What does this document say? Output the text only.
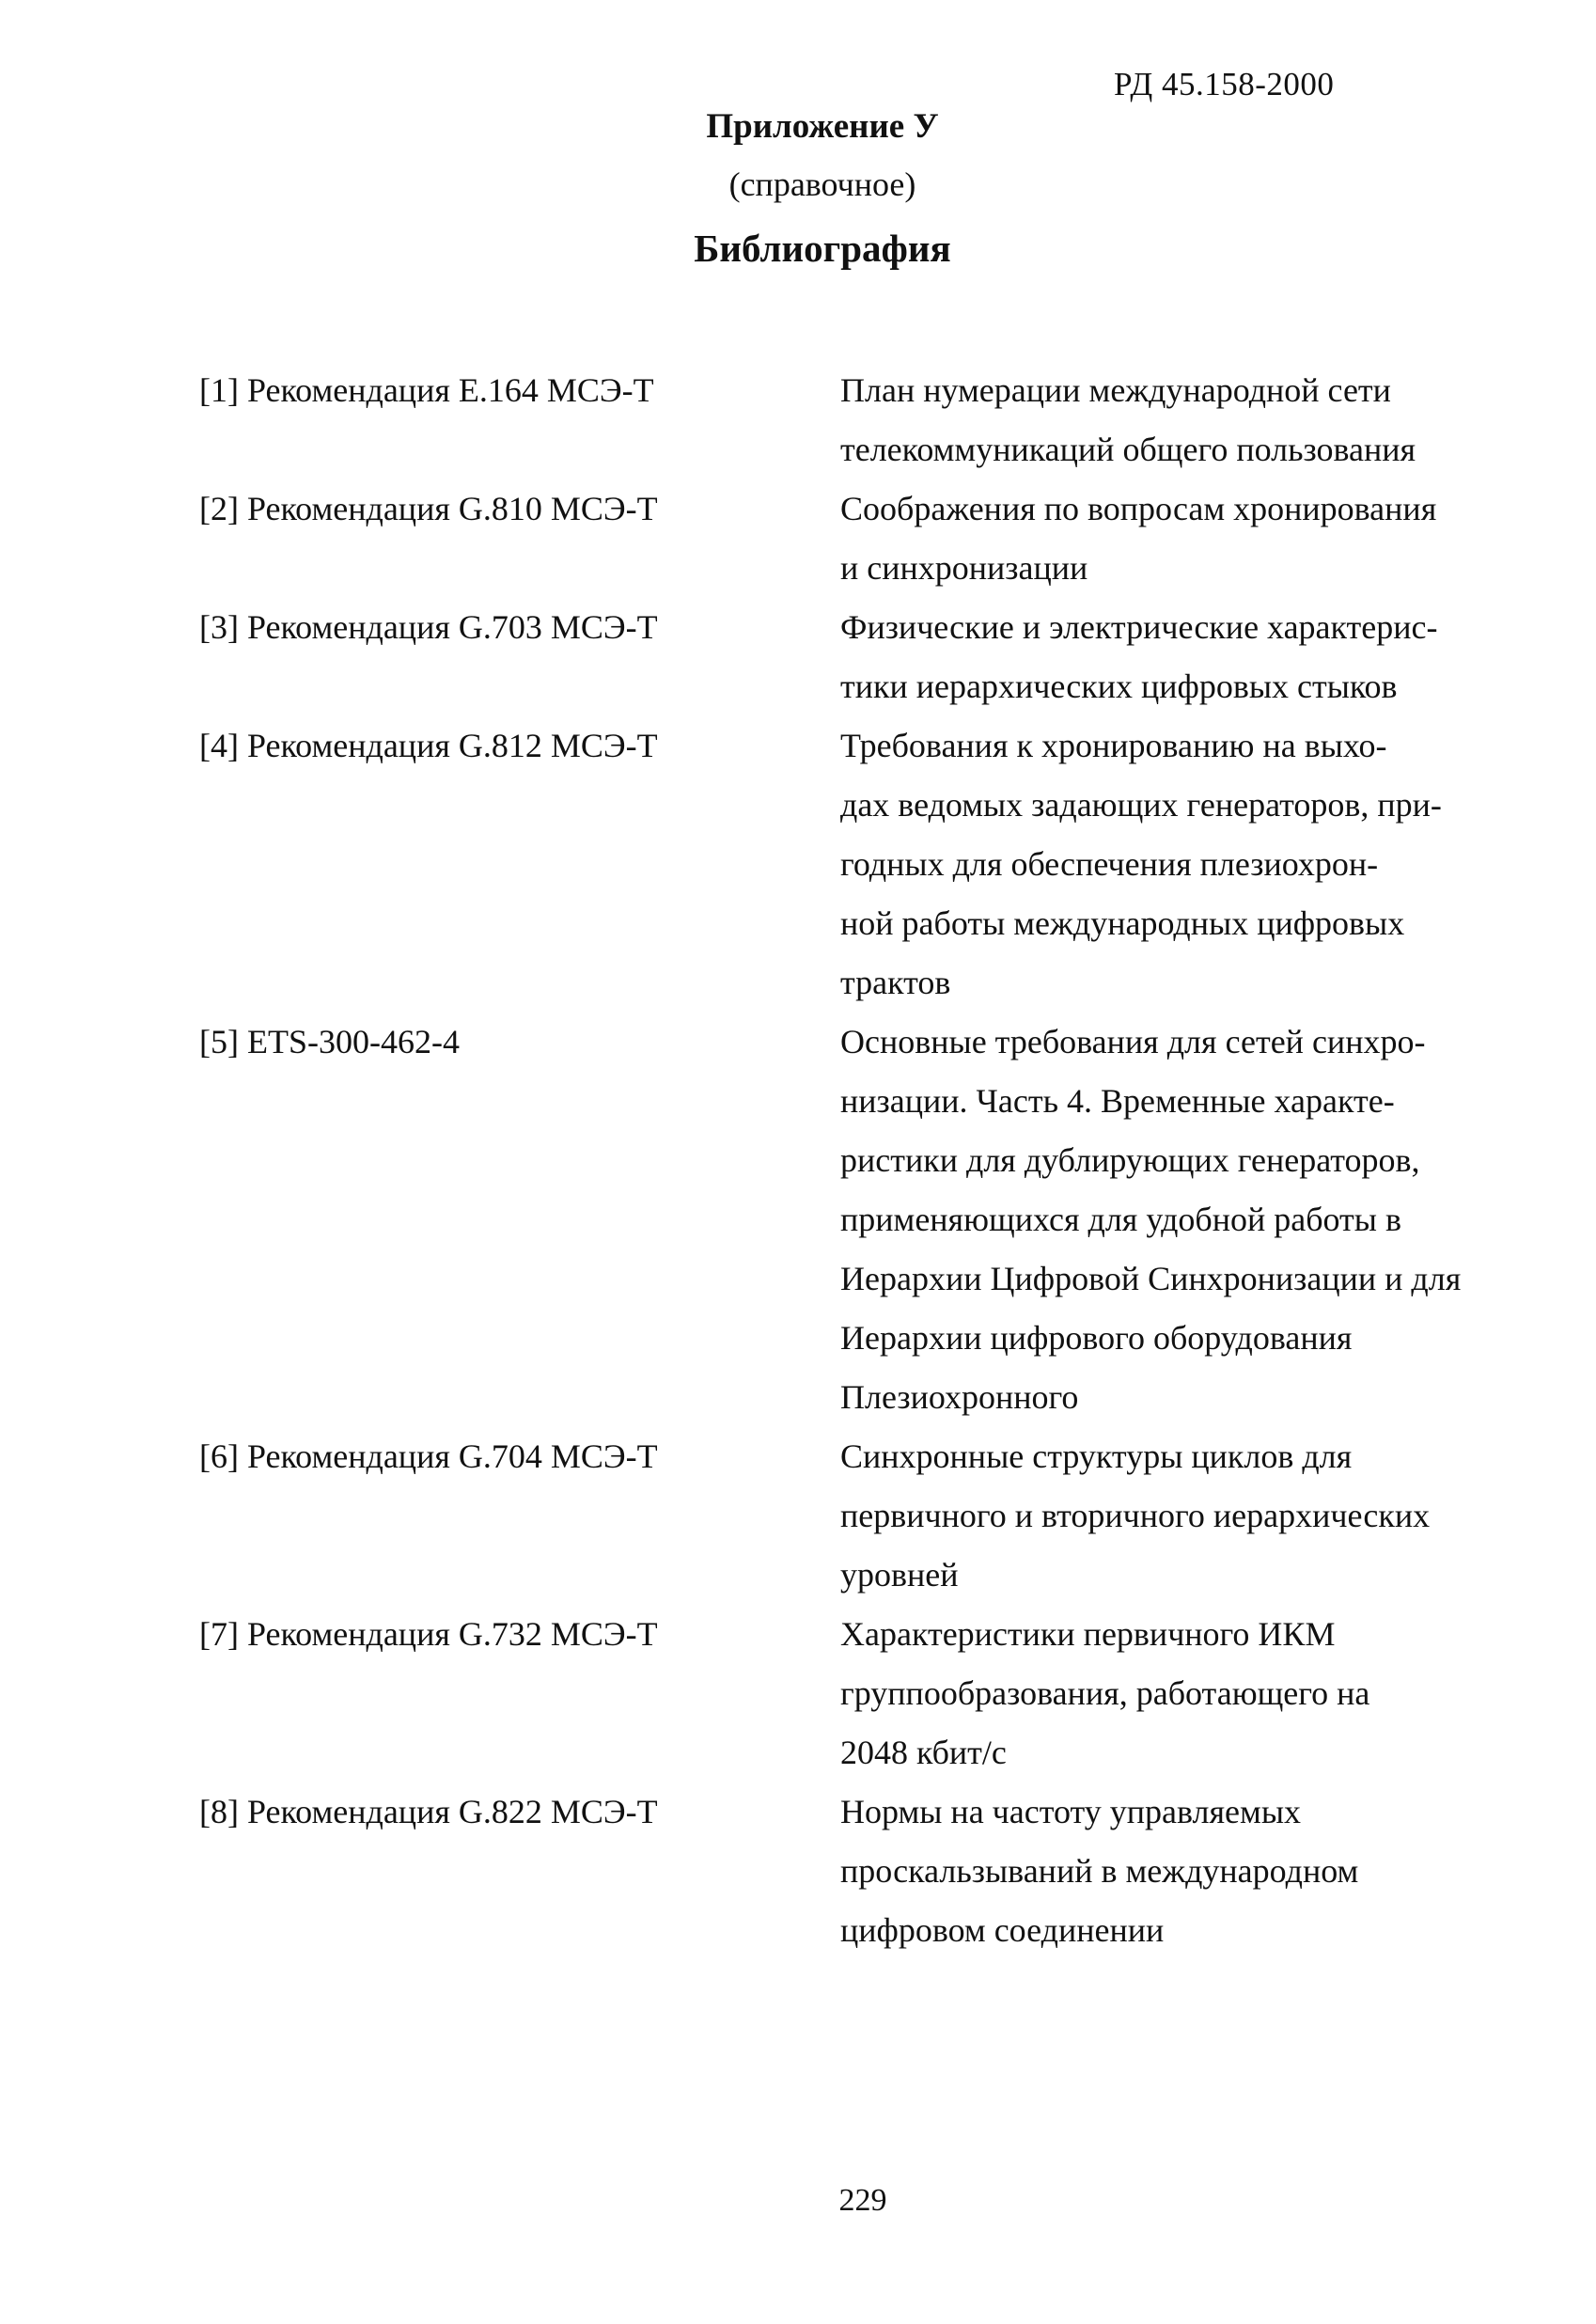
РД 45.158-2000
Приложение У
(справочное)
Библиография
[1] Рекомендация E.164 МСЭ-Т	План нумерации международной сети
телекоммуникаций общего пользования
[2] Рекомендация G.810 МСЭ-Т	Соображения по вопросам хронирования
и синхронизации
[3] Рекомендация G.703 МСЭ-Т	Физические и электрические характерис-
тики иерархических цифровых стыков
[4] Рекомендация G.812 МСЭ-Т	Требования к хронированию на выхо-
дах ведомых задающих генераторов, при-
годных для обеспечения плезиохрон-
ной работы международных цифровых
трактов
[5] ETS-300-462-4	Основные требования для сетей синхро-
низации. Часть 4. Временные характе-
ристики для дублирующих генераторов,
применяющихся для удобной работы в
Иерархии Цифровой Синхронизации и для
Иерархии цифрового оборудования
Плезиохронного
[6] Рекомендация G.704 МСЭ-Т	Синхронные структуры циклов для
первичного и вторичного иерархических
уровней
[7] Рекомендация G.732 МСЭ-Т	Характеристики первичного ИКМ
группообразования, работающего на
2048 кбит/с
[8] Рекомендация G.822 МСЭ-Т	Нормы на частоту управляемых
проскальзываний в международном
цифровом соединении
229
